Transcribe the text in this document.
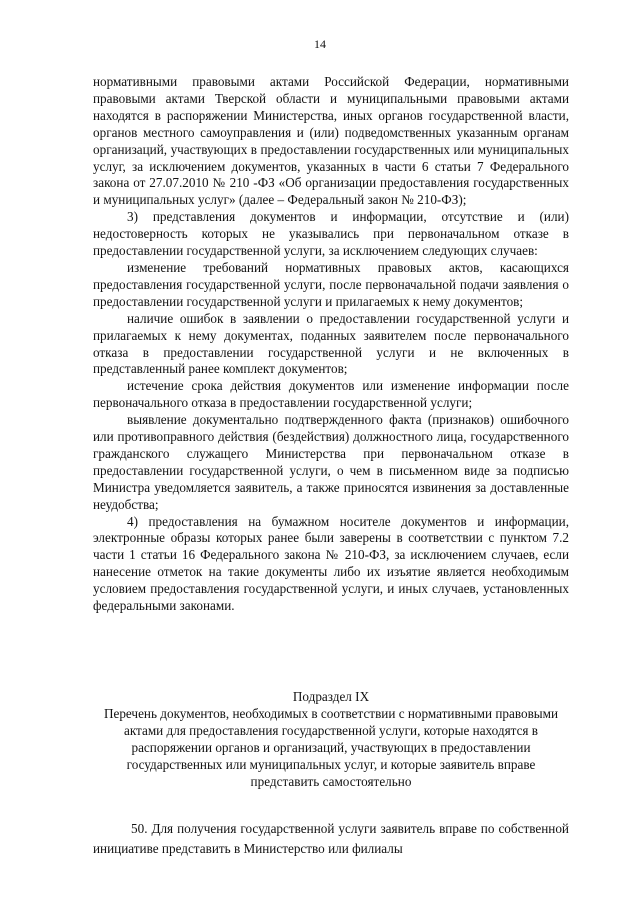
14

нормативными правовыми актами Российской Федерации, нормативными правовыми актами Тверской области и муниципальными правовыми актами находятся в распоряжении Министерства, иных органов государственной власти, органов местного самоуправления и (или) подведомственных указанным органам организаций, участвующих в предоставлении государственных или муниципальных услуг, за исключением документов, указанных в части 6 статьи 7 Федерального закона от 27.07.2010 № 210 -ФЗ «Об организации предоставления государственных и муниципальных услуг» (далее – Федеральный закон № 210-ФЗ);

3) представления документов и информации, отсутствие и (или) недостоверность которых не указывались при первоначальном отказе в предоставлении государственной услуги, за исключением следующих случаев:

изменение требований нормативных правовых актов, касающихся предоставления государственной услуги, после первоначальной подачи заявления о предоставлении государственной услуги и прилагаемых к нему документов;

наличие ошибок в заявлении о предоставлении государственной услуги и прилагаемых к нему документах, поданных заявителем после первоначального отказа в предоставлении государственной услуги и не включенных в представленный ранее комплект документов;

истечение срока действия документов или изменение информации после первоначального отказа в предоставлении государственной услуги;

выявление документально подтвержденного факта (признаков) ошибочного или противоправного действия (бездействия) должностного лица, государственного гражданского служащего Министерства при первоначальном отказе в предоставлении государственной услуги, о чем в письменном виде за подписью Министра уведомляется заявитель, а также приносятся извинения за доставленные неудобства;

4) предоставления на бумажном носителе документов и информации, электронные образы которых ранее были заверены в соответствии с пунктом 7.2 части 1 статьи 16 Федерального закона № 210-ФЗ, за исключением случаев, если нанесение отметок на такие документы либо их изъятие является необходимым условием предоставления государственной услуги, и иных случаев, установленных федеральными законами.

Подраздел IX
Перечень документов, необходимых в соответствии с нормативными правовыми актами для предоставления государственной услуги, которые находятся в распоряжении органов и организаций, участвующих в предоставлении государственных или муниципальных услуг, и которые заявитель вправе представить самостоятельно

50. Для получения государственной услуги заявитель вправе по собственной инициативе представить в Министерство или филиалы
